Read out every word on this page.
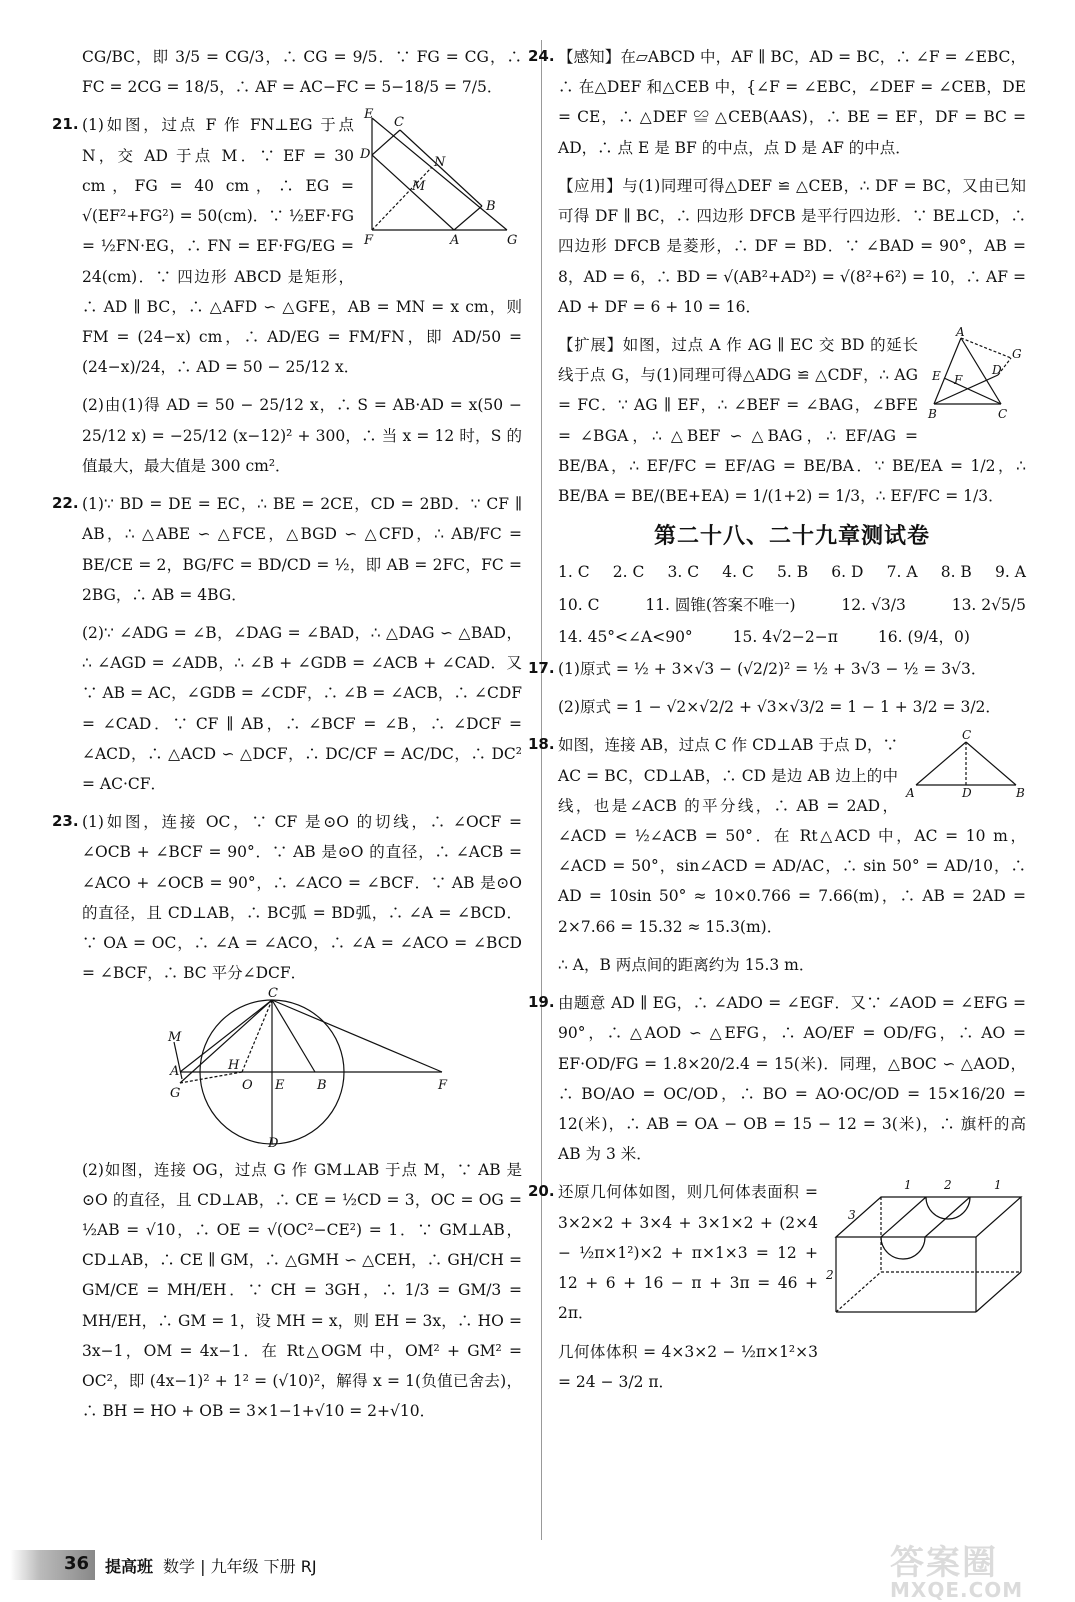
CG/BC，即 3/5 = CG/3，∴ CG = 9/5．∵ FG = CG，∴ FC = 2CG = 18/5，∴ AF = AC−FC = 5−18/5 = 7/5．
21.
E
C
D
N
M
B
F	A	G
(1)如图，过点 F 作 FN⊥EG 于点 N，交 AD 于点 M．∵ EF = 30 cm，FG = 40 cm，∴ EG = √(EF²+FG²) = 50(cm)．∵ ½EF·FG = ½FN·EG，∴ FN = EF·FG/EG = 24(cm)．∵ 四边形 ABCD 是矩形，∴ AD ∥ BC，∴ △AFD ∽ △GFE，AB = MN = x cm，则 FM = (24−x) cm，∴ AD/EG = FM/FN，即 AD/50 = (24−x)/24，∴ AD = 50 − 25/12 x．
(2)由(1)得 AD = 50 − 25/12 x，∴ S = AB·AD = x(50 − 25/12 x) = −25/12 (x−12)² + 300，∴ 当 x = 12 时，S 的值最大，最大值是 300 cm²．
22. (1)∵ BD = DE = EC，∴ BE = 2CE，CD = 2BD．∵ CF ∥ AB，∴ △ABE ∽ △FCE，△BGD ∽ △CFD，∴ AB/FC = BE/CE = 2，BG/FC = BD/CD = ½，即 AB = 2FC，FC = 2BG，∴ AB = 4BG．
(2)∵ ∠ADG = ∠B，∠DAG = ∠BAD，∴ △DAG ∽ △BAD，∴ ∠AGD = ∠ADB，∴ ∠B + ∠GDB = ∠ACB + ∠CAD．又∵ AB = AC，∠GDB = ∠CDF，∴ ∠B = ∠ACB，∴ ∠CDF = ∠CAD．∵ CF ∥ AB，∴ ∠BCF = ∠B，∴ ∠DCF = ∠ACD，∴ △ACD ∽ △DCF，∴ DC/CF = AC/DC，∴ DC² = AC·CF．
23. (1)如图，连接 OC，∵ CF 是⊙O 的切线，∴ ∠OCF = ∠OCB + ∠BCF = 90°．∵ AB 是⊙O 的直径，∴ ∠ACB = ∠ACO + ∠OCB = 90°，∴ ∠ACO = ∠BCF．∵ AB 是⊙O 的直径，且 CD⊥AB，∴ BC弧 = BD弧，∴ ∠A = ∠BCD．∵ OA = OC，∴ ∠A = ∠ACO，∴ ∠A = ∠ACO = ∠BCD = ∠BCF，∴ BC 平分∠DCF．
C
M
A	H
O E	B	F
G
D
(2)如图，连接 OG，过点 G 作 GM⊥AB 于点 M，∵ AB 是⊙O 的直径，且 CD⊥AB，∴ CE = ½CD = 3，OC = OG = ½AB = √10，∴ OE = √(OC²−CE²) = 1．∵ GM⊥AB，CD⊥AB，∴ CE ∥ GM，∴ △GMH ∽ △CEH，∴ GH/CH = GM/CE = MH/EH．∵ CH = 3GH，∴ 1/3 = GM/3 = MH/EH，∴ GM = 1，设 MH = x，则 EH = 3x，∴ HO = 3x−1，OM = 4x−1．在 Rt△OGM 中，OM² + GM² = OC²，即 (4x−1)² + 1² = (√10)²，解得 x = 1(负值已舍去)，∴ BH = HO + OB = 3×1−1+√10 = 2+√10．
24. 【感知】在▱ABCD 中，AF ∥ BC，AD = BC，∴ ∠F = ∠EBC，∴ 在△DEF 和△CEB 中，{∠F = ∠EBC，∠DEF = ∠CEB，DE = CE，∴ △DEF ≌ △CEB(AAS)，∴ BE = EF，DF = BC = AD，∴ 点 E 是 BF 的中点，点 D 是 AF 的中点．
【应用】与(1)同理可得△DEF ≌ △CEB，∴ DF = BC，又由已知可得 DF ∥ BC，∴ 四边形 DFCB 是平行四边形．∵ BE⊥CD，∴ 四边形 DFCB 是菱形，∴ DF = BD．∵ ∠BAD = 90°，AB = 8，AD = 6，∴ BD = √(AB²+AD²) = √(8²+6²) = 10，∴ AF = AD + DF = 6 + 10 = 16．
A
G
E F
D
B	C
【扩展】如图，过点 A 作 AG ∥ EC 交 BD 的延长线于点 G，与(1)同理可得△ADG ≌ △CDF，∴ AG = FC．∵ AG ∥ EF，∴ ∠BEF = ∠BAG，∠BFE = ∠BGA，∴ △BEF ∽ △BAG，∴ EF/AG = BE/BA，∴ EF/FC = EF/AG = BE/BA．∵ BE/EA = 1/2，∴ BE/BA = BE/(BE+EA) = 1/(1+2) = 1/3，∴ EF/FC = 1/3．
第二十八、二十九章测试卷
1. C 2. C 3. C 4. C 5. B 6. D 7. A 8. B 9. A
10. C	11. 圆锥(答案不唯一)	12. √3/3	13. 2√5/5
14. 45°<∠A<90°	15. 4√2−2−π	16. (9/4，0)
17. (1)原式 = ½ + 3×√3 − (√2/2)² = ½ + 3√3 − ½ = 3√3．
(2)原式 = 1 − √2×√2/2 + √3×√3/2 = 1 − 1 + 3/2 = 3/2．
18.	C
A	D	B
如图，连接 AB，过点 C 作 CD⊥AB 于点 D，∵ AC = BC，CD⊥AB，∴ CD 是边 AB 边上的中线，也是∠ACB 的平分线，∴ AB = 2AD，∠ACD = ½∠ACB = 50°．在 Rt△ACD 中，AC = 10 m，∠ACD = 50°，sin∠ACD = AD/AC，∴ sin 50° = AD/10，∴ AD = 10sin 50° ≈ 10×0.766 = 7.66(m)，∴ AB = 2AD = 2×7.66 = 15.32 ≈ 15.3(m)．
∴ A，B 两点间的距离约为 15.3 m．
19. 由题意 AD ∥ EG，∴ ∠ADO = ∠EGF．又∵ ∠AOD = ∠EFG = 90°，∴ △AOD ∽ △EFG，∴ AO/EF = OD/FG，∴ AO = EF·OD/FG = 1.8×20/2.4 = 15(米)．同理，△BOC ∽ △AOD，∴ BO/AO = OC/OD，∴ BO = AO·OC/OD = 15×16/20 = 12(米)，∴ AB = OA − OB = 15 − 12 = 3(米)，∴ 旗杆的高 AB 为 3 米．
20.	1	2	1
3
2
还原几何体如图，则几何体表面积 = 3×2×2 + 3×4 + 3×1×2 + (2×4 − ½π×1²)×2 + π×1×3 = 12 + 12 + 6 + 16 − π + 3π = 46 + 2π．
几何体体积 = 4×3×2 − ½π×1²×3 = 24 − 3/2 π．
36 提高班 数学 | 九年级 下册 RJ	答案圈
MXQE.COM
